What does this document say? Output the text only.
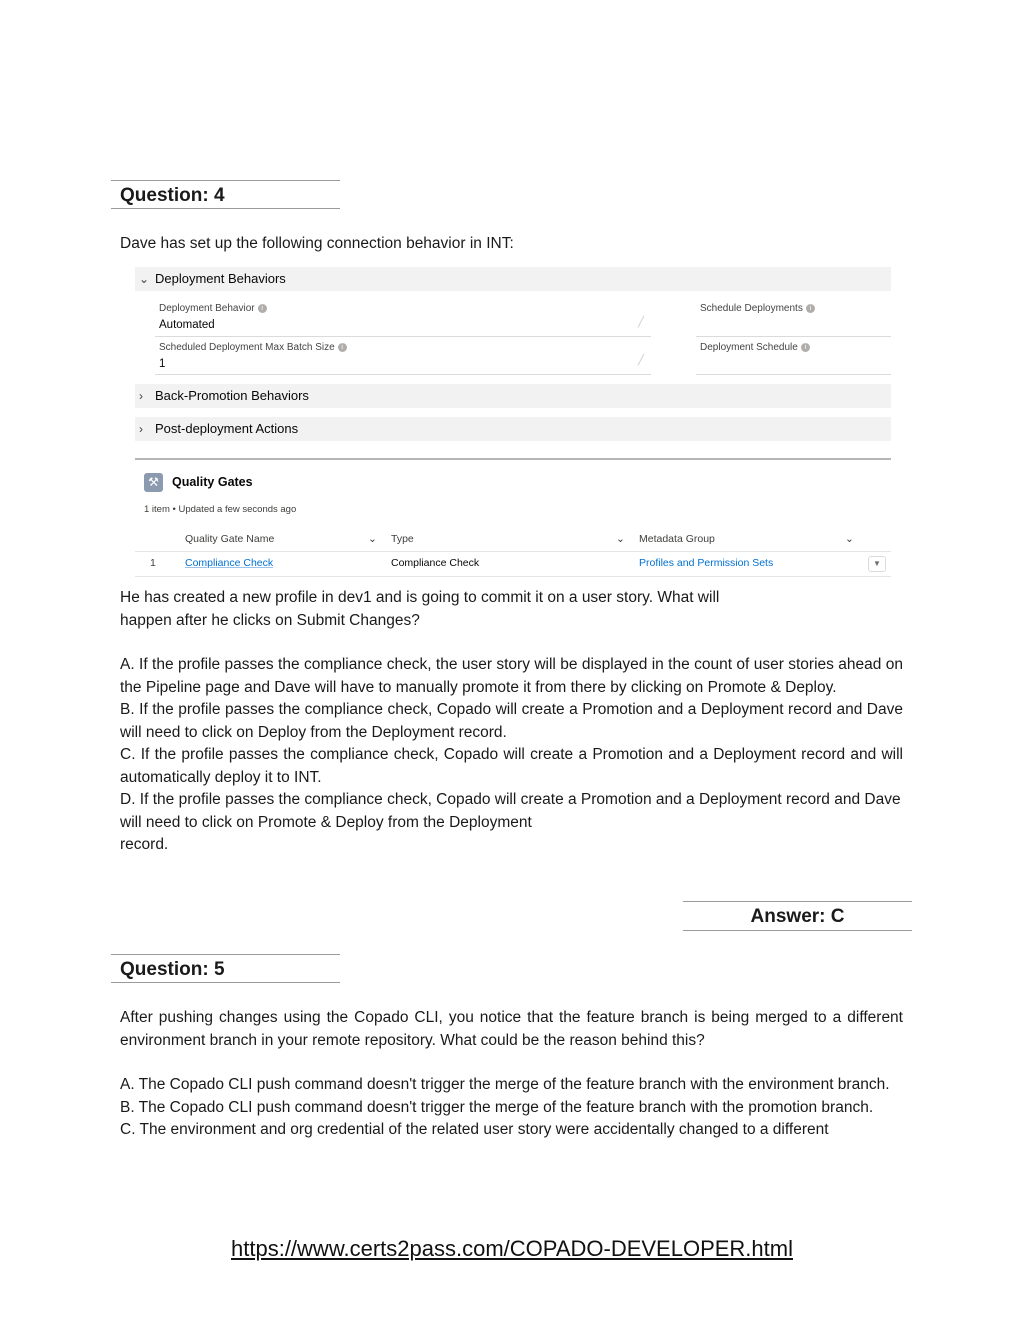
Question: 4
Dave has set up the following connection behavior in INT:
⌄ Deployment Behaviors
Deployment Behavior i
Automated	╱
Scheduled Deployment Max Batch Size i
1	╱
Schedule Deployments i
Deployment Schedule i
› Back-Promotion Behaviors
› Post-deployment Actions
⚒	Quality Gates
1 item • Updated a few seconds ago
Quality Gate Name	⌄ Type	⌄ Metadata Group	⌄
1	Compliance Check	Compliance Check	Profiles and Permission Sets	▼
He has created a new profile in dev1 and is going to commit it on a user story. What will
happen after he clicks on Submit Changes?
A. If the profile passes the compliance check, the user story will be displayed in the count of user stories ahead on the Pipeline page and Dave will have to manually promote it from there by clicking on Promote & Deploy.
B. If the profile passes the compliance check, Copado will create a Promotion and a Deployment record and Dave will need to click on Deploy from the Deployment record.
C. If the profile passes the compliance check, Copado will create a Promotion and a Deployment record and will automatically deploy it to INT.
D. If the profile passes the compliance check, Copado will create a Promotion and a Deployment record and Dave will need to click on Promote & Deploy from the Deployment
record.
Answer: C
Question: 5
After pushing changes using the Copado CLI, you notice that the feature branch is being merged to a different environment branch in your remote repository. What could be the reason behind this?
A. The Copado CLI push command doesn't trigger the merge of the feature branch with the environment branch.
B. The Copado CLI push command doesn't trigger the merge of the feature branch with the promotion branch.
C. The environment and org credential of the related user story were accidentally changed to a different
https://www.certs2pass.com/COPADO-DEVELOPER.html
